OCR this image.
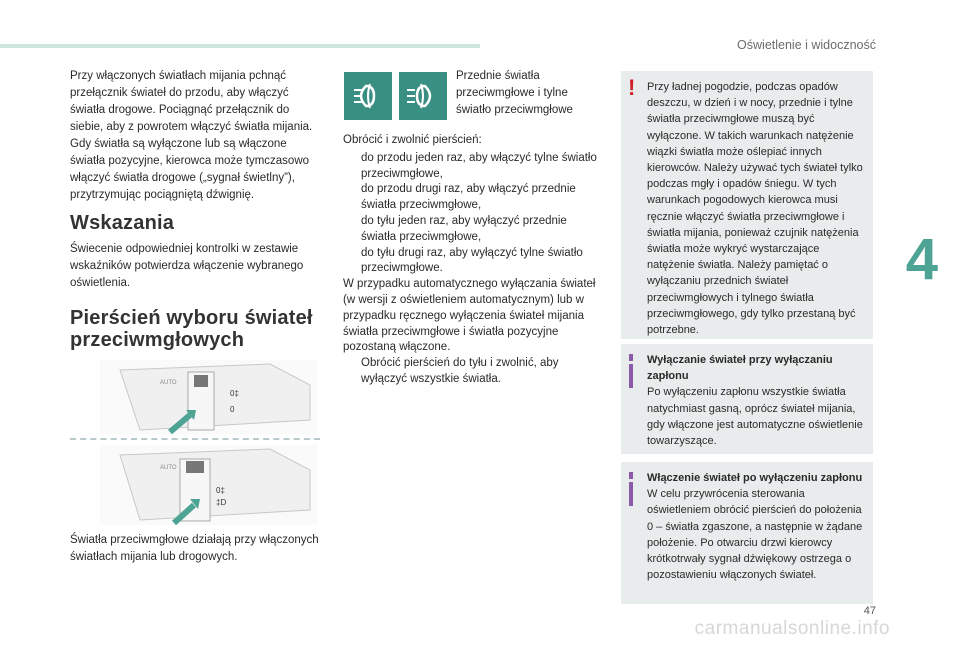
Oświetlenie i widoczność

Przy włączonych światłach mijania pchnąć przełącznik świateł do przodu, aby włączyć światła drogowe. Pociągnąć przełącznik do siebie, aby z powrotem włączyć światła mijania.

Gdy światła są wyłączone lub są włączone światła pozycyjne, kierowca może tymczasowo włączyć światła drogowe („sygnał świetlny”), przytrzymując pociągniętą dźwignię.

Wskazania

Świecenie odpowiedniej kontrolki w zestawie wskaźników potwierdza włączenie wybranego oświetlenia.

Pierścień wyboru świateł
przeciwmgłowych
AUTO
0‡
0
AUTO
0‡
‡D

Światła przeciwmgłowe działają przy włączonych światłach mijania lub drogowych.

Przednie światła przeciwmgłowe i tylne światło przeciwmgłowe

Obrócić i zwolnić pierścień:
do przodu jeden raz, aby włączyć tylne światło przeciwmgłowe,
do przodu drugi raz, aby włączyć przednie światła przeciwmgłowe,
do tyłu jeden raz, aby wyłączyć przednie światła przeciwmgłowe,
do tyłu drugi raz, aby wyłączyć tylne światło przeciwmgłowe.
W przypadku automatycznego wyłączania świateł (w wersji z oświetleniem automatycznym) lub w przypadku ręcznego wyłączenia świateł mijania światła przeciwmgłowe i światła pozycyjne pozostaną włączone.
Obrócić pierścień do tyłu i zwolnić, aby wyłączyć wszystkie światła.
! Przy ładnej pogodzie, podczas opadów deszczu, w dzień i w nocy, przednie i tylne światła przeciwmgłowe muszą być wyłączone. W takich warunkach natężenie wiązki światła może oślepiać innych kierowców. Należy używać tych świateł tylko podczas mgły i opadów śniegu. W tych warunkach pogodowych kierowca musi ręcznie włączyć światła przeciwmgłowe i światła mijania, ponieważ czujnik natężenia światła może wykryć wystarczające natężenie światła. Należy pamiętać o wyłączaniu przednich świateł przeciwmgłowych i tylnego światła przeciwmgłowego, gdy tylko przestaną być potrzebne.
Wyłączanie świateł przy wyłączaniu zapłonu
Po wyłączeniu zapłonu wszystkie światła natychmiast gasną, oprócz świateł mijania, gdy włączone jest automatyczne oświetlenie towarzyszące.
Włączenie świateł po wyłączeniu zapłonu
W celu przywrócenia sterowania oświetleniem obrócić pierścień do położenia 0 – światła zgaszone, a następnie w żądane położenie. Po otwarciu drzwi kierowcy krótkotrwały sygnał dźwiękowy ostrzega o pozostawieniu włączonych świateł.
4
47
carmanualsonline.info
